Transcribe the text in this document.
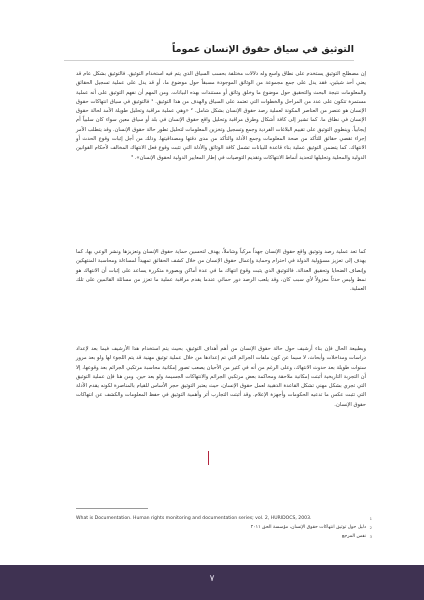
التوثيق في سياق حقوق الإنسان عموماً
إن مصطلح التوثيق يستخدم على نطاق واسع وله دلالات مختلفة بحسب السياق الذي يتم فيه استخدام التوثيق. فالتوثيق بشكل عام قد يعني أحد شيئين، فقد يدل على جمع مجموعة من الوثائق الموجودة مسبقاً حول موضوع ما، أو قد يدل على عملية تسجيل الحقائق والمعلومات نتيجة البحث والتحقيق حول موضوع ما وخلق وثائق أو مستندات بهذه البيانات. ومن المهم أن نفهم التوثيق على أنه عملية مستمرة تتكون على عدد من المراحل والخطوات التي تعتمد على السياق والهدف من هذا التوثيق. ¹ فالتوثيق في سياق انتهاكات حقوق الإنسان هو عنصر من العناصر المكونة لعملية رصد حقوق الإنسان بشكل شامل. ² «وهي عملية مراقبة وتحليل طويلة الأمد لحالة حقوق الإنسان في نطاق ما. كما تشير إلى كافة أشكال وطرق مراقبة وتحليل واقع حقوق الإنسان في بلد أو سياق معين سواء كان سلبياً أم إيجابياً. وينطوي التوثيق على تقييم البلاغات الفردية وجمع وتسجيل وتخزين المعلومات لتحليل تطور حالة حقوق الإنسان. وقد يتطلب الأمر إجراء تقصي حقائق للتأكد من صحة المعلومات وجمع الأدلة والتأكد من مدى دقتها ومصداقيتها. وذلك من أجل إثبات وقوع الحدث أو الانتهاك. كما يتضمن التوثيق عملية بناء قاعدة للبيانات تشمل كافة الوثائق والأدلة التي تثبت وقوع فعل الانتهاك المخالف لأحكام القوانين الدولية والمحلية وتحليلها لتحديد أنماط الانتهاكات وتقديم التوصيات في إطار المعايير الدولية لحقوق الإنسان». ³
كما تعد عملية رصد وتوثيق واقع حقوق الإنسان جهداً مركباً وشاملاً، يهدف لتحسين حماية حقوق الإنسان وتعزيزها ونشر الوعي بها، كما يهدف إلى تعزيز مسؤولية الدولة في احترام وحماية وإعمال حقوق الإنسان من خلال كشف الحقائق تمهيداً لمساءلة ومحاسبة المنتهكين وإنصاف الضحايا وتحقيق العدالة. فالتوثيق الذي يثبت وقوع انتهاك ما في عدة أماكن وبصورة متكررة يساعد على إثبات أن الانتهاك هو نمط وليس حدثاً معزولاً لأي سبب كان، وقد يلعب الرصد دور حمائي عندما يقدم مراقبة عملية ما تعزز من مسائلة القائمين على تلك العملية.
وبطبيعة الحال فإن بناء أرشيف حول حالة حقوق الإنسان من أهم أهداف التوثيق، بحيث يتم استخدام هذا الأرشيف فيما بعد لإعداد دراسات ومداخلات وأبحاث، لا سيما عن كون ملفات الجرائم التي تم إعدادها من خلال عملية توثيق مهنية قد يتم اللجوء لها ولو بعد مرور سنوات طويلة بعد حدوث الانتهاك، وعلى الرغم من أنه في كثير من الأحيان يصعب تصور إمكانية محاسبة مرتكبي الجرائم بعد وقوعها، إلا أن التجربة التاريخية أثبتت إمكانية ملاحقة ومحاكمة بعض مرتكبي الجرائم والانتهاكات الجسيمة ولو بعد حين. ومن هنا فإن عملية التوثيق التي تجري بشكل مهني تشكل القاعدة الذهبية لعمل حقوق الإنسان، حيث يعتبر التوثيق حجر الأساس للقيام بالمناصرة لكونه يقدم الأدلة التي تثبت عكس ما تدعيه الحكومات وأجهزة الإعلام. وقد أثبتت التجارب أثر وأهمية التوثيق في حفظ المعلومات والكشف عن انتهاكات حقوق الإنسان.
1
What is Documentation. Human rights monitoring and documentation series; vol. 2, HURIDOCS, 2003.
2
دليل حول توثيق انتهاكات حقوق الإنسان، مؤسسة الحق ٢٠١١
3
نفس المرجع
٧
